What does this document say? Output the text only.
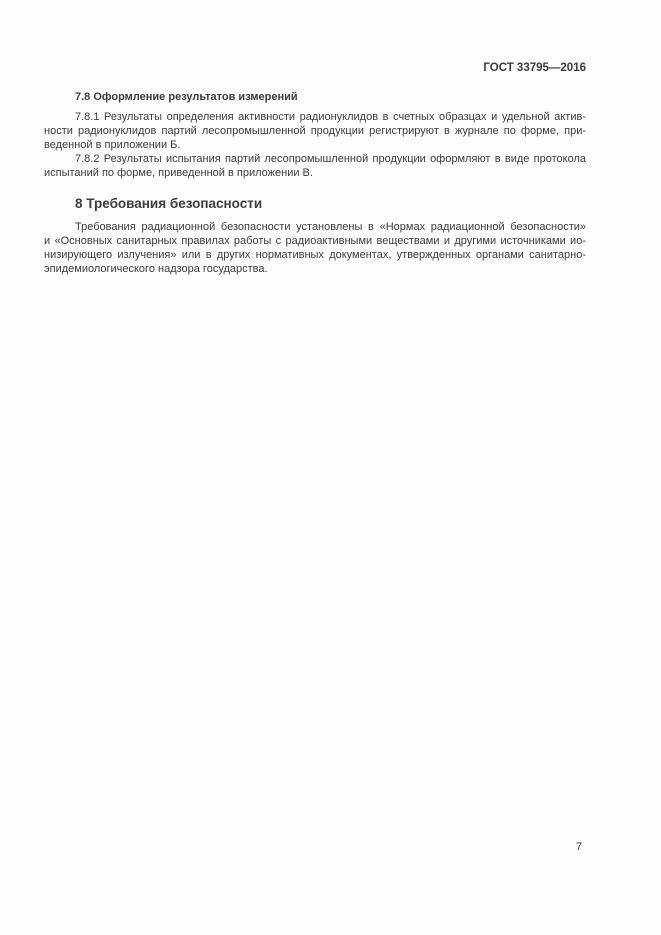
ГОСТ 33795—2016
7.8 Оформление результатов измерений
7.8.1 Результаты определения активности радионуклидов в счетных образцах и удельной актив-
ности радионуклидов партий лесопромышленной продукции регистрируют в журнале по форме, при-
веденной в приложении Б.
7.8.2 Результаты испытания партий лесопромышленной продукции оформляют в виде протокола
испытаний по форме, приведенной в приложении В.
8 Требования безопасности
Требования радиационной безопасности установлены в «Нормах радиационной безопасности»
и «Основных санитарных правилах работы с радиоактивными веществами и другими источниками ио-
низирующего излучения» или в других нормативных документах, утвержденных органами санитарно-
эпидемиологического надзора государства.
7
